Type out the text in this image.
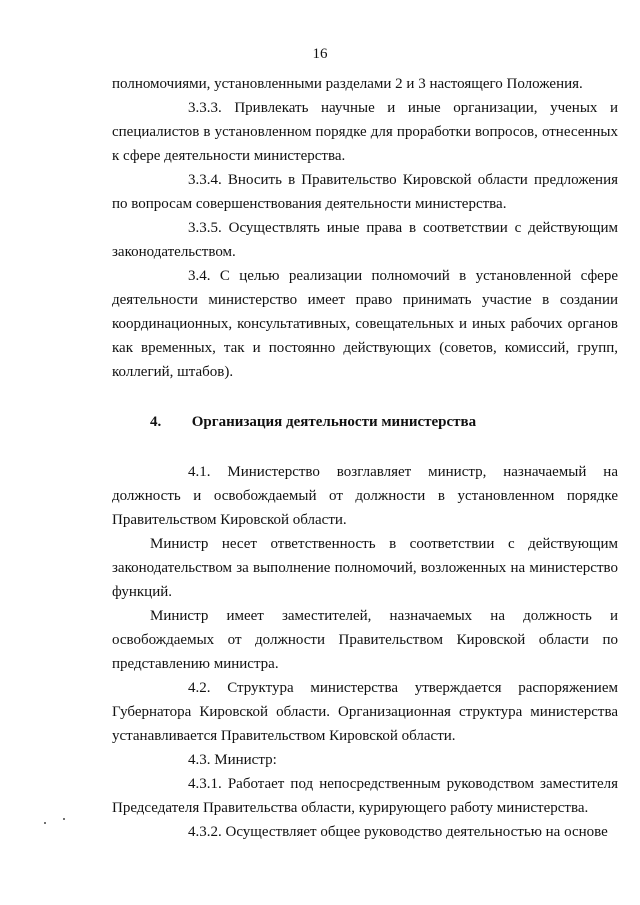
16

полномочиями, установленными разделами 2 и 3 настоящего Положения.

3.3.3. Привлекать научные и иные организации, ученых и специалистов в установленном порядке для проработки вопросов, отнесенных к сфере деятельности министерства.

3.3.4. Вносить в Правительство Кировской области предложения по вопросам совершенствования деятельности министерства.

3.3.5. Осуществлять иные права в соответствии с действующим законодательством.

3.4. С целью реализации полномочий в установленной сфере деятельности министерство имеет право принимать участие в создании координационных, консультативных, совещательных и иных рабочих органов как временных, так и постоянно действующих (советов, комиссий, групп, коллегий, штабов).

4. Организация деятельности министерства

4.1. Министерство возглавляет министр, назначаемый на должность и освобождаемый от должности в установленном порядке Правительством Кировской области.

Министр несет ответственность в соответствии с действующим законодательством за выполнение полномочий, возложенных на министерство функций.

Министр имеет заместителей, назначаемых на должность и освобождаемых от должности Правительством Кировской области по представлению министра.

4.2. Структура министерства утверждается распоряжением Губернатора Кировской области. Организационная структура министерства устанавливается Правительством Кировской области.

4.3. Министр:

4.3.1. Работает под непосредственным руководством заместителя Председателя Правительства области, курирующего работу министерства.

4.3.2. Осуществляет общее руководство деятельностью на основе
